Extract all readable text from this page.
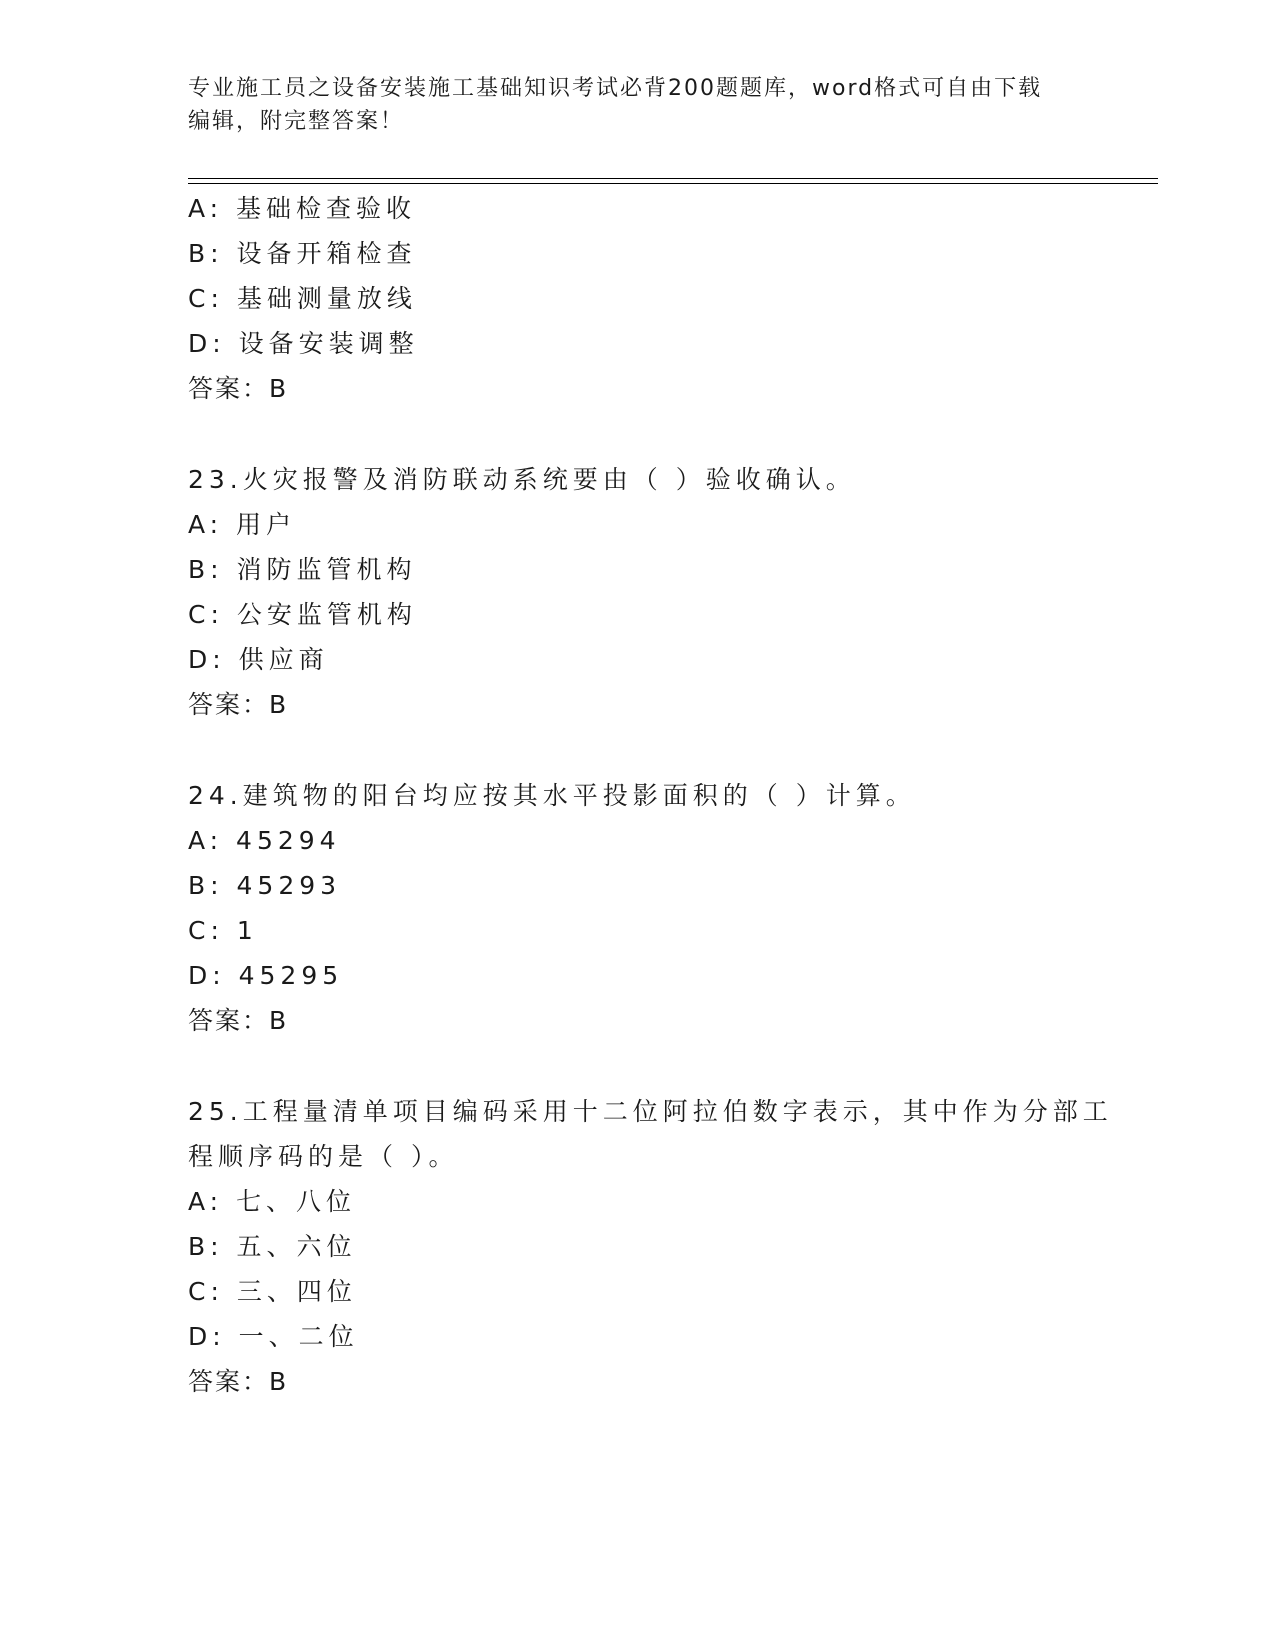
专业施工员之设备安装施工基础知识考试必背200题题库，word格式可自由下载
编辑，附完整答案！
A: 基础检查验收
B: 设备开箱检查
C: 基础测量放线
D: 设备安装调整
答案：B
23.火灾报警及消防联动系统要由（ ）验收确认。
A: 用户
B: 消防监管机构
C: 公安监管机构
D: 供应商
答案：B
24.建筑物的阳台均应按其水平投影面积的（ ）计算。
A: 45294
B: 45293
C: 1
D: 45295
答案：B
25.工程量清单项目编码采用十二位阿拉伯数字表示，其中作为分部工
程顺序码的是（ ）。
A: 七、八位
B: 五、六位
C: 三、四位
D: 一、二位
答案：B
